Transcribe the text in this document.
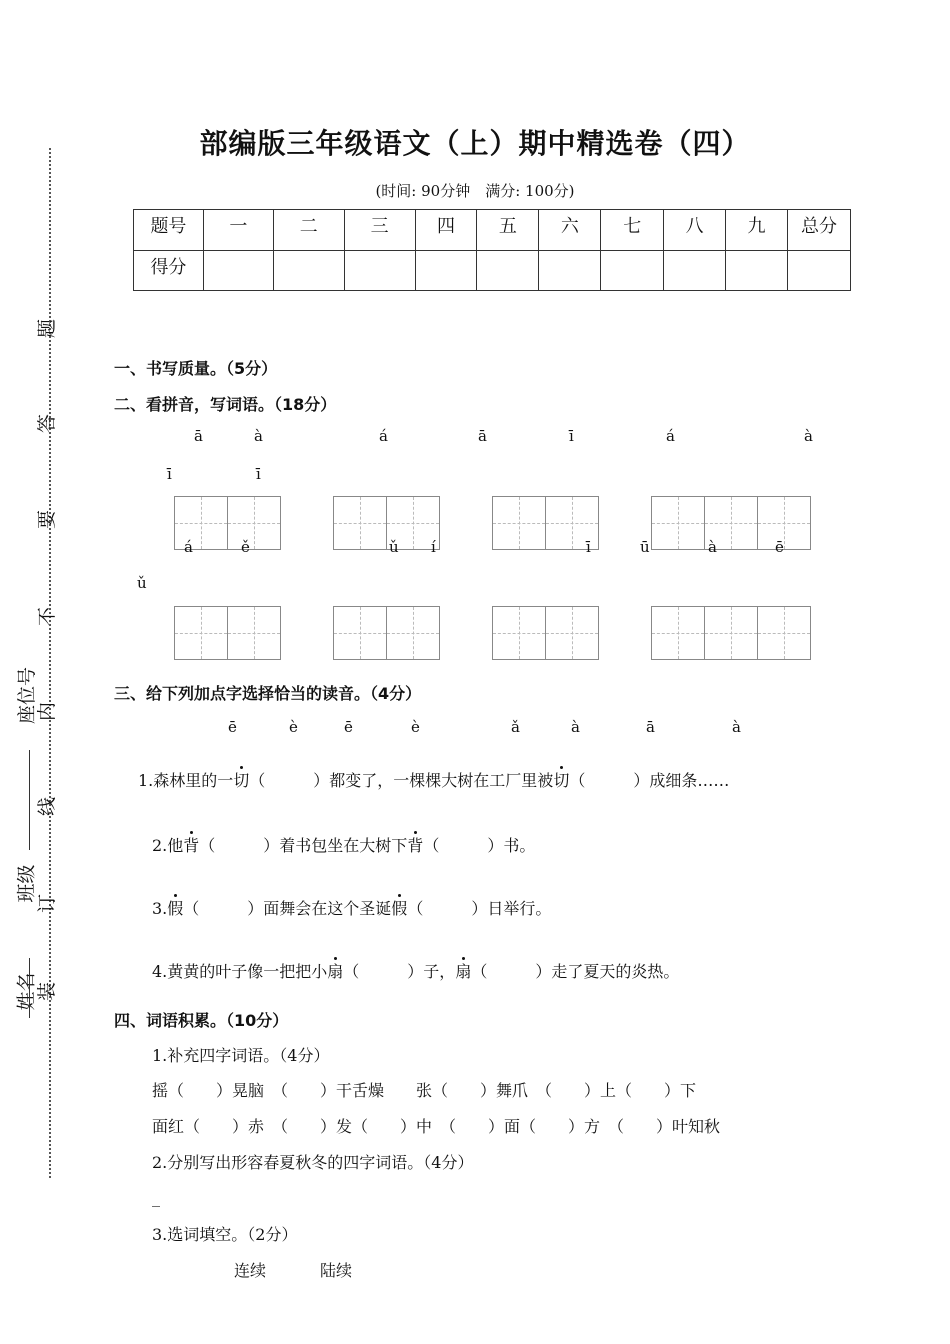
姓名
班级
座位号
装
订
线
内
不
要
答
题
部编版三年级语文（上）期中精选卷（四）
(时间: 90分钟　满分: 100分)
题号	一	二	三	四	五	六	七	八	九	总分
得分										
一、书写质量。（5分）
二、看拼音，写词语。（18分）
ā	à	á	ā	ī	á	à
ī	ī
á	ě	ǔ í	ī	ū	à	ē
ǔ
三、给下列加点字选择恰当的读音。（4分）
ē	è	ē	è	ǎ	à	ā	à
1.森林里的一切（　　　）都变了，一棵棵大树在工厂里被切（　　　）成细条……
2.他背（　　　）着书包坐在大树下背（　　　）书。
3.假（　　　）面舞会在这个圣诞假（　　　）日举行。
4.黄黄的叶子像一把把小扇（　　　）子，扇（　　　）走了夏天的炎热。
四、词语积累。（10分）
1.补充四字词语。（4分）
摇（　　）晃脑　（　　）干舌燥　　张（　　）舞爪　（　　）上（　　）下
面红（　　）赤　（　　）发（　　）中　（　　）面（　　）方　（　　）叶知秋
2.分别写出形容春夏秋冬的四字词语。（4分）
_
3.选词填空。（2分）
连续	陆续
